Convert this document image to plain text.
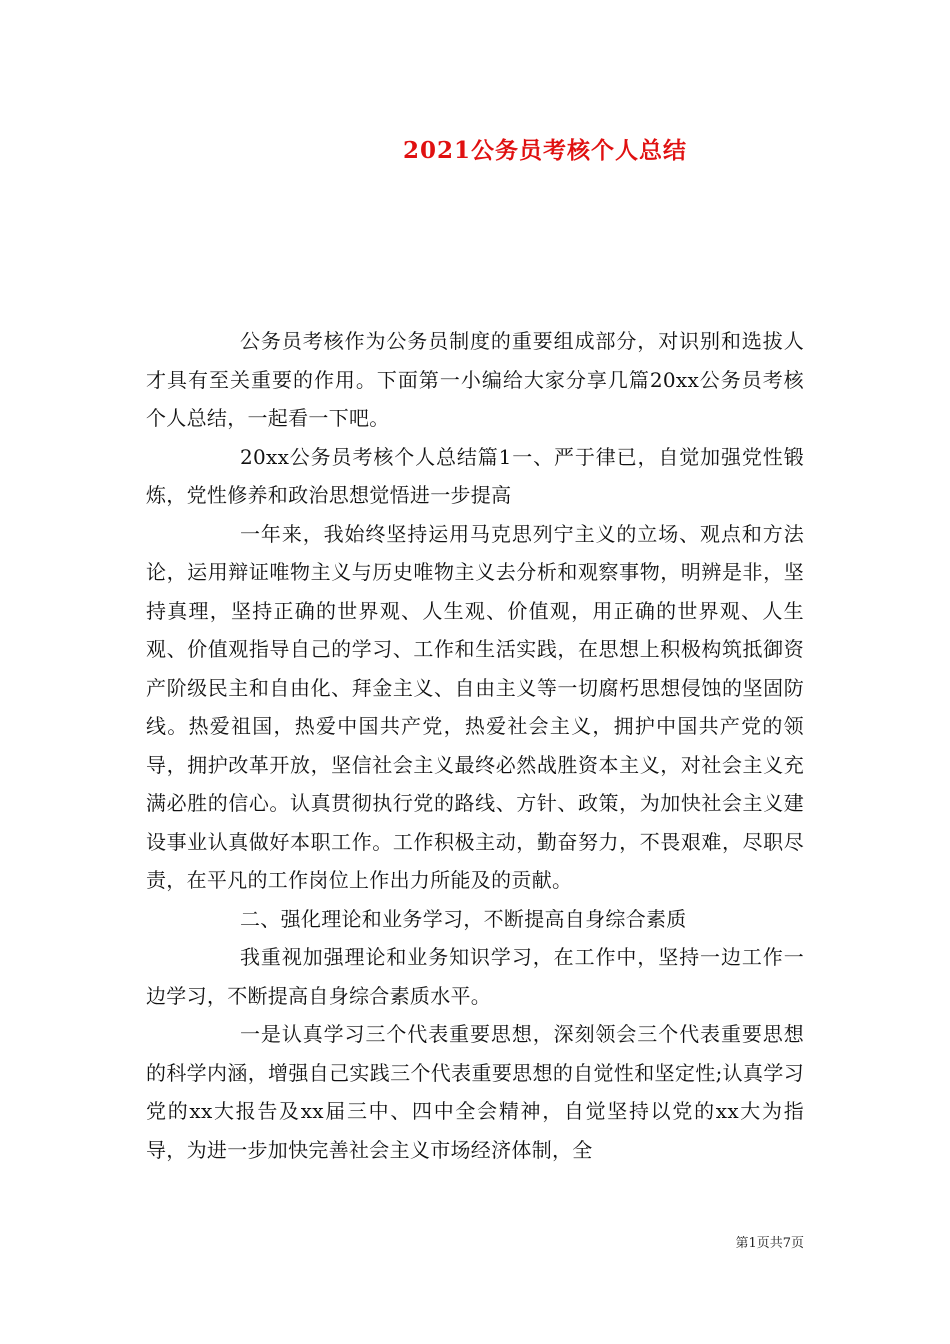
2021公务员考核个人总结

公务员考核作为公务员制度的重要组成部分，对识别和选拔人才具有至关重要的作用。下面第一小编给大家分享几篇20xx公务员考核个人总结，一起看一下吧。

20xx公务员考核个人总结篇1一、严于律已，自觉加强党性锻炼，党性修养和政治思想觉悟进一步提高

一年来，我始终坚持运用马克思列宁主义的立场、观点和方法论，运用辩证唯物主义与历史唯物主义去分析和观察事物，明辨是非，坚持真理，坚持正确的世界观、人生观、价值观，用正确的世界观、人生观、价值观指导自己的学习、工作和生活实践，在思想上积极构筑抵御资产阶级民主和自由化、拜金主义、自由主义等一切腐朽思想侵蚀的坚固防线。热爱祖国，热爱中国共产党，热爱社会主义，拥护中国共产党的领导，拥护改革开放，坚信社会主义最终必然战胜资本主义，对社会主义充满必胜的信心。认真贯彻执行党的路线、方针、政策，为加快社会主义建设事业认真做好本职工作。工作积极主动，勤奋努力，不畏艰难，尽职尽责，在平凡的工作岗位上作出力所能及的贡献。

二、强化理论和业务学习，不断提高自身综合素质

我重视加强理论和业务知识学习，在工作中，坚持一边工作一边学习，不断提高自身综合素质水平。

一是认真学习三个代表重要思想，深刻领会三个代表重要思想的科学内涵，增强自己实践三个代表重要思想的自觉性和坚定性;认真学习党的xx大报告及xx届三中、四中全会精神，自觉坚持以党的xx大为指导，为进一步加快完善社会主义市场经济体制，全

第1页共7页
